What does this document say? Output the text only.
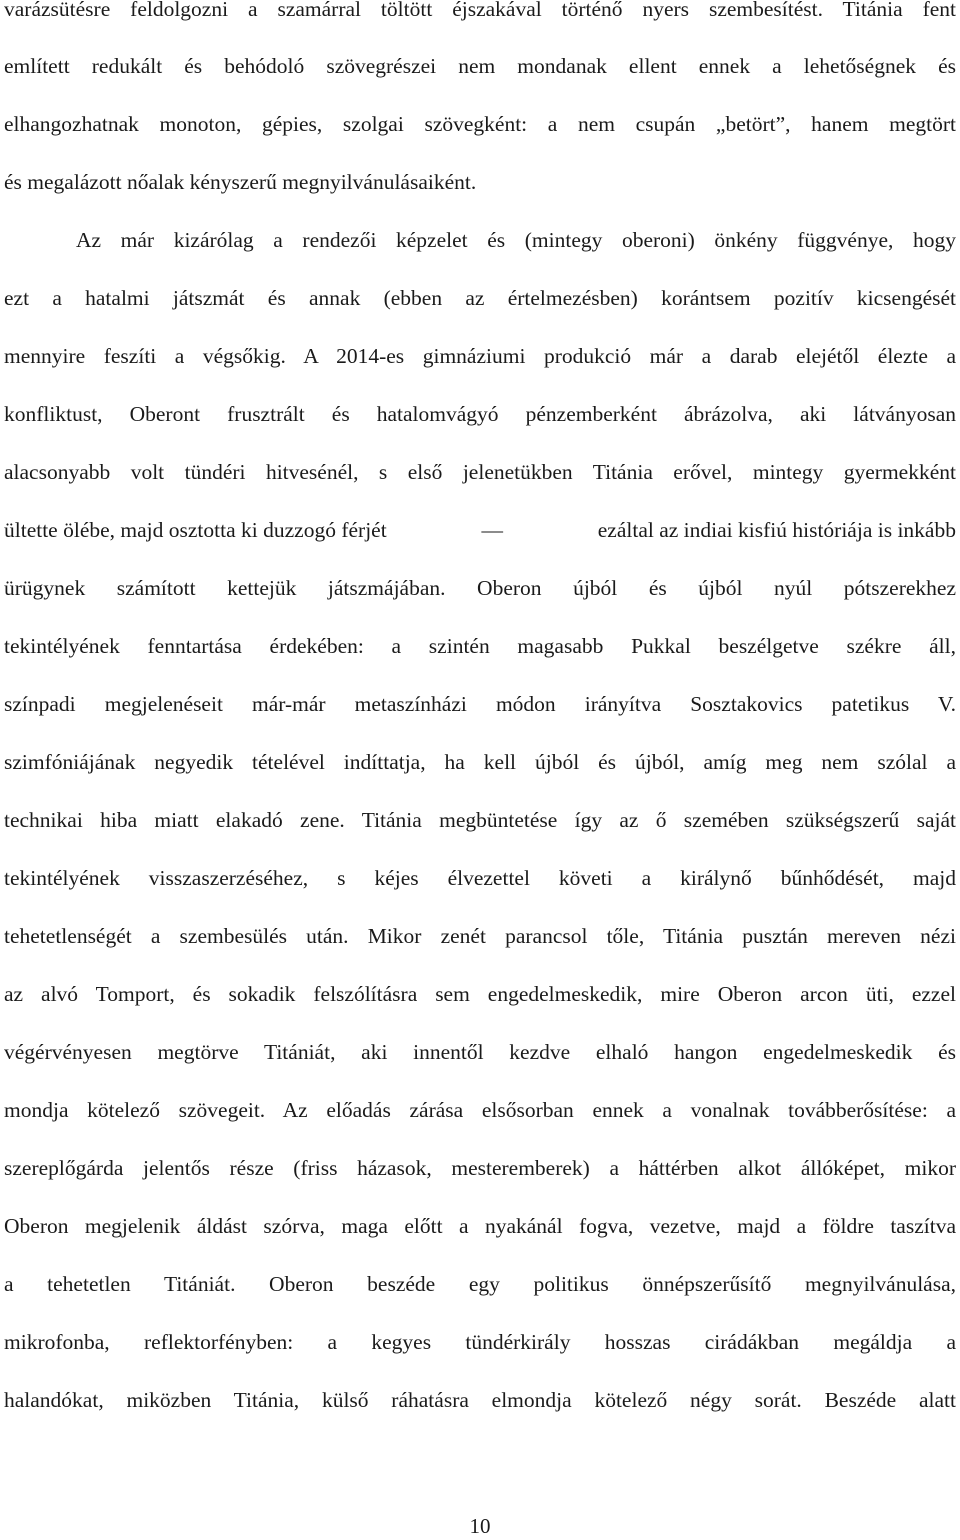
varázsütésre feldolgozni a szamárral töltött éjszakával történő nyers szembesítést. Titánia fent
említett redukált és behódoló szövegrészei nem mondanak ellent ennek a lehetőségnek és
elhangozhatnak monoton, gépies, szolgai szövegként: a nem csupán „betört”, hanem megtört
és megalázott nőalak kényszerű megnyilvánulásaiként.
Az már kizárólag a rendezői képzelet és (mintegy oberoni) önkény függvénye, hogy
ezt a hatalmi játszmát és annak (ebben az értelmezésben) korántsem pozitív kicsengését
mennyire feszíti a végsőkig. A 2014-es gimnáziumi produkció már a darab elejétől élezte a
konfliktust, Oberont frusztrált és hatalomvágyó pénzemberként ábrázolva, aki látványosan
alacsonyabb volt tündéri hitvesénél, s első jelenetükben Titánia erővel, mintegy gyermekként
ültette ölébe, majd osztotta ki duzzogó férjét	—	ezáltal az indiai kisfiú históriája is inkább
ürügynek számított kettejük játszmájában. Oberon újból és újból nyúl pótszerekhez
tekintélyének fenntartása érdekében: a szintén magasabb Pukkal beszélgetve székre áll,
színpadi megjelenéseit már-már metaszínházi módon irányítva Sosztakovics patetikus V.
szimfóniájának negyedik tételével indíttatja, ha kell újból és újból, amíg meg nem szólal a
technikai hiba miatt elakadó zene. Titánia megbüntetése így az ő szemében szükségszerű saját
tekintélyének visszaszerzéséhez, s kéjes élvezettel követi a királynő bűnhődését, majd
tehetetlenségét a szembesülés után. Mikor zenét parancsol tőle, Titánia pusztán mereven nézi
az alvó Tomport, és sokadik felszólításra sem engedelmeskedik, mire Oberon arcon üti, ezzel
végérvényesen megtörve Titániát, aki innentől kezdve elhaló hangon engedelmeskedik és
mondja kötelező szövegeit. Az előadás zárása elsősorban ennek a vonalnak továbberősítése: a
szereplőgárda jelentős része (friss házasok, mesteremberek) a háttérben alkot állóképet, mikor
Oberon megjelenik áldást szórva, maga előtt a nyakánál fogva, vezetve, majd a földre taszítva
a tehetetlen Titániát. Oberon beszéde egy politikus önnépszerűsítő megnyilvánulása,
mikrofonba, reflektorfényben: a kegyes tündérkirály hosszas cirádákban megáldja a
halandókat, miközben Titánia, külső ráhatásra elmondja kötelező négy sorát. Beszéde alatt
10
